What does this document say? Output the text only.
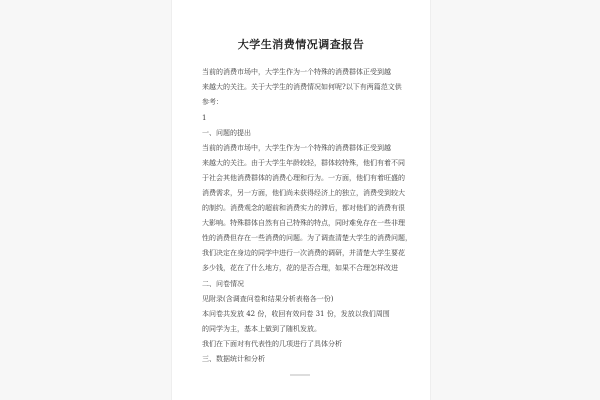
大学生消费情况调查报告
当前的消费市场中，大学生作为一个特殊的消费群体正受到越
来越大的关注。关于大学生的消费情况如何呢?以下有两篇范文供
参考：
1
一、问题的提出
当前的消费市场中，大学生作为一个特殊的消费群体正受到越
来越大的关注。由于大学生年龄较轻，群体较特殊，他们有着不同
于社会其他消费群体的消费心理和行为。一方面，他们有着旺盛的
消费需求，另一方面，他们尚未获得经济上的独立，消费受到较大
的制约。消费观念的超前和消费实力的滞后，都对他们的消费有很
大影响。特殊群体自然有自己特殊的特点，同时难免存在一些非理
性的消费但存在一些消费的问题。为了调查清楚大学生的消费问题，
我们决定在身边的同学中进行一次消费的调研，并清楚大学生要花
多少钱，花在了什么地方，花的是否合理，如果不合理怎样改进
二、问卷情况
见附录(含调查问卷和结果分析表格各一份)
本问卷共发放 42 份，收回有效问卷 31 份，发放以我们周围
的同学为主，基本上做到了随机发放。
我们在下面对有代表性的几项进行了具体分析
三、数据统计和分析
